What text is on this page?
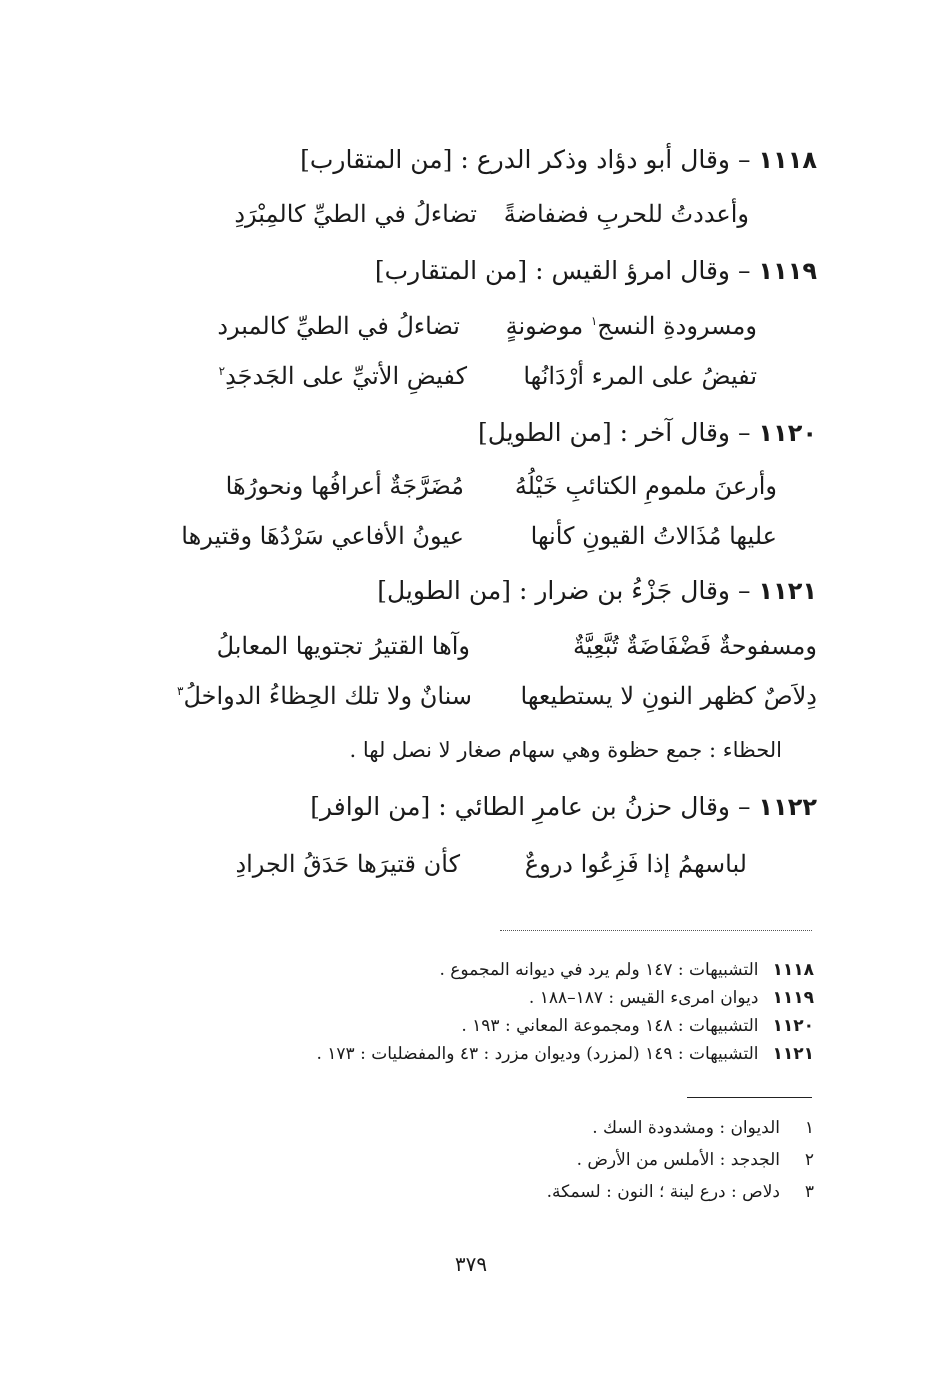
١١١٨ – وقال أبو دؤاد وذكر الدرع : [من المتقارب]
وأعددتُ للحربِ فضفاضةً
تضاءلُ في الطيِّ كالمِبْرَدِ
١١١٩ – وقال امرؤ القيس : [من المتقارب]
ومسرودةِ النسج$^١$ موضونةٍ
تضاءلُ في الطيِّ كالمبرد
تفيضُ على المرء أرْدَانُها
كفيضِ الأتيِّ على الجَدجَدِ$^٢$
١١٢٠ – وقال آخر : [من الطويل]
وأرعنَ ملمومِ الكتائبِ خَيْلُهُ
مُضَرَّجَةٌ أعرافُها ونحورُهَا
عليها مُذَالاتُ القيونِ كأنها
عيونُ الأفاعي سَرْدُهَا وقتيرها
١١٢١ – وقال جَزْءُ بن ضرار : [من الطويل]
ومسفوحةٌ فَضْفَاضَةٌ تُبَّعِيَّةٌ
وآها القتيرُ تجتويها المعابلُ
دِلاَصٌ كظهر النونِ لا يستطيعها
سنانٌ ولا تلك الحِظاءُ الدواخلُ$^٣$
الحظاء : جمع حظوة وهي سهام صغار لا نصل لها .
١١٢٢ – وقال حزنُ بن عامرِ الطائي : [من الوافر]
لباسهمُ إذا فَزِعُوا دروعٌ
كأن قتيرَها حَدَقُ الجرادِ
١١١٨التشبيهات : ١٤٧ ولم يرد في ديوانه المجموع .
١١١٩ديوان امرىء القيس : ١٨٧–١٨٨ .
١١٢٠التشبيهات : ١٤٨ ومجموعة المعاني : ١٩٣ .
١١٢١التشبيهات : ١٤٩ (لمزرد) وديوان مزرد : ٤٣ والمفضليات : ١٧٣ .
١الديوان : ومشدودة السك .
٢الجدجد : الأملس من الأرض .
٣دلاص : درع لينة ؛ النون : لسمكة.
٣٧٩
